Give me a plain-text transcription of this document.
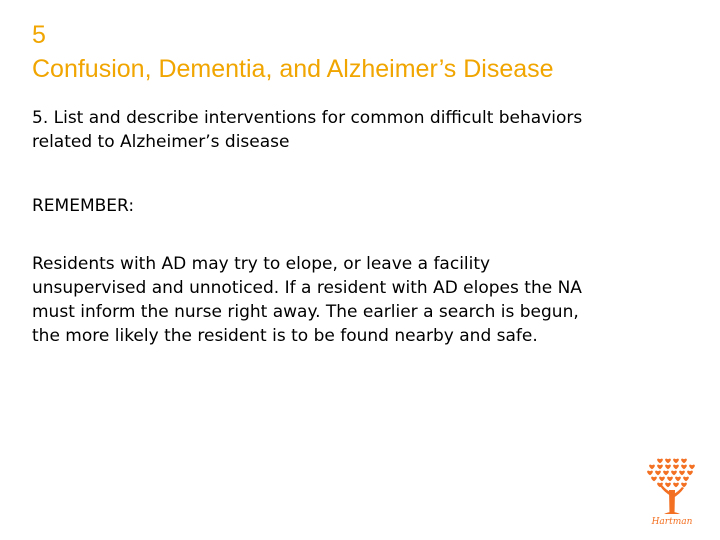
5
Confusion, Dementia, and Alzheimer’s Disease
5. List and describe interventions for common difficult behaviors
related to Alzheimer’s disease
REMEMBER:
Residents with AD may try to elope, or leave a facility
unsupervised and unnoticed. If a resident with AD elopes the NA
must inform the nurse right away. The earlier a search is begun,
the more likely the resident is to be found nearby and safe.
Hartman
